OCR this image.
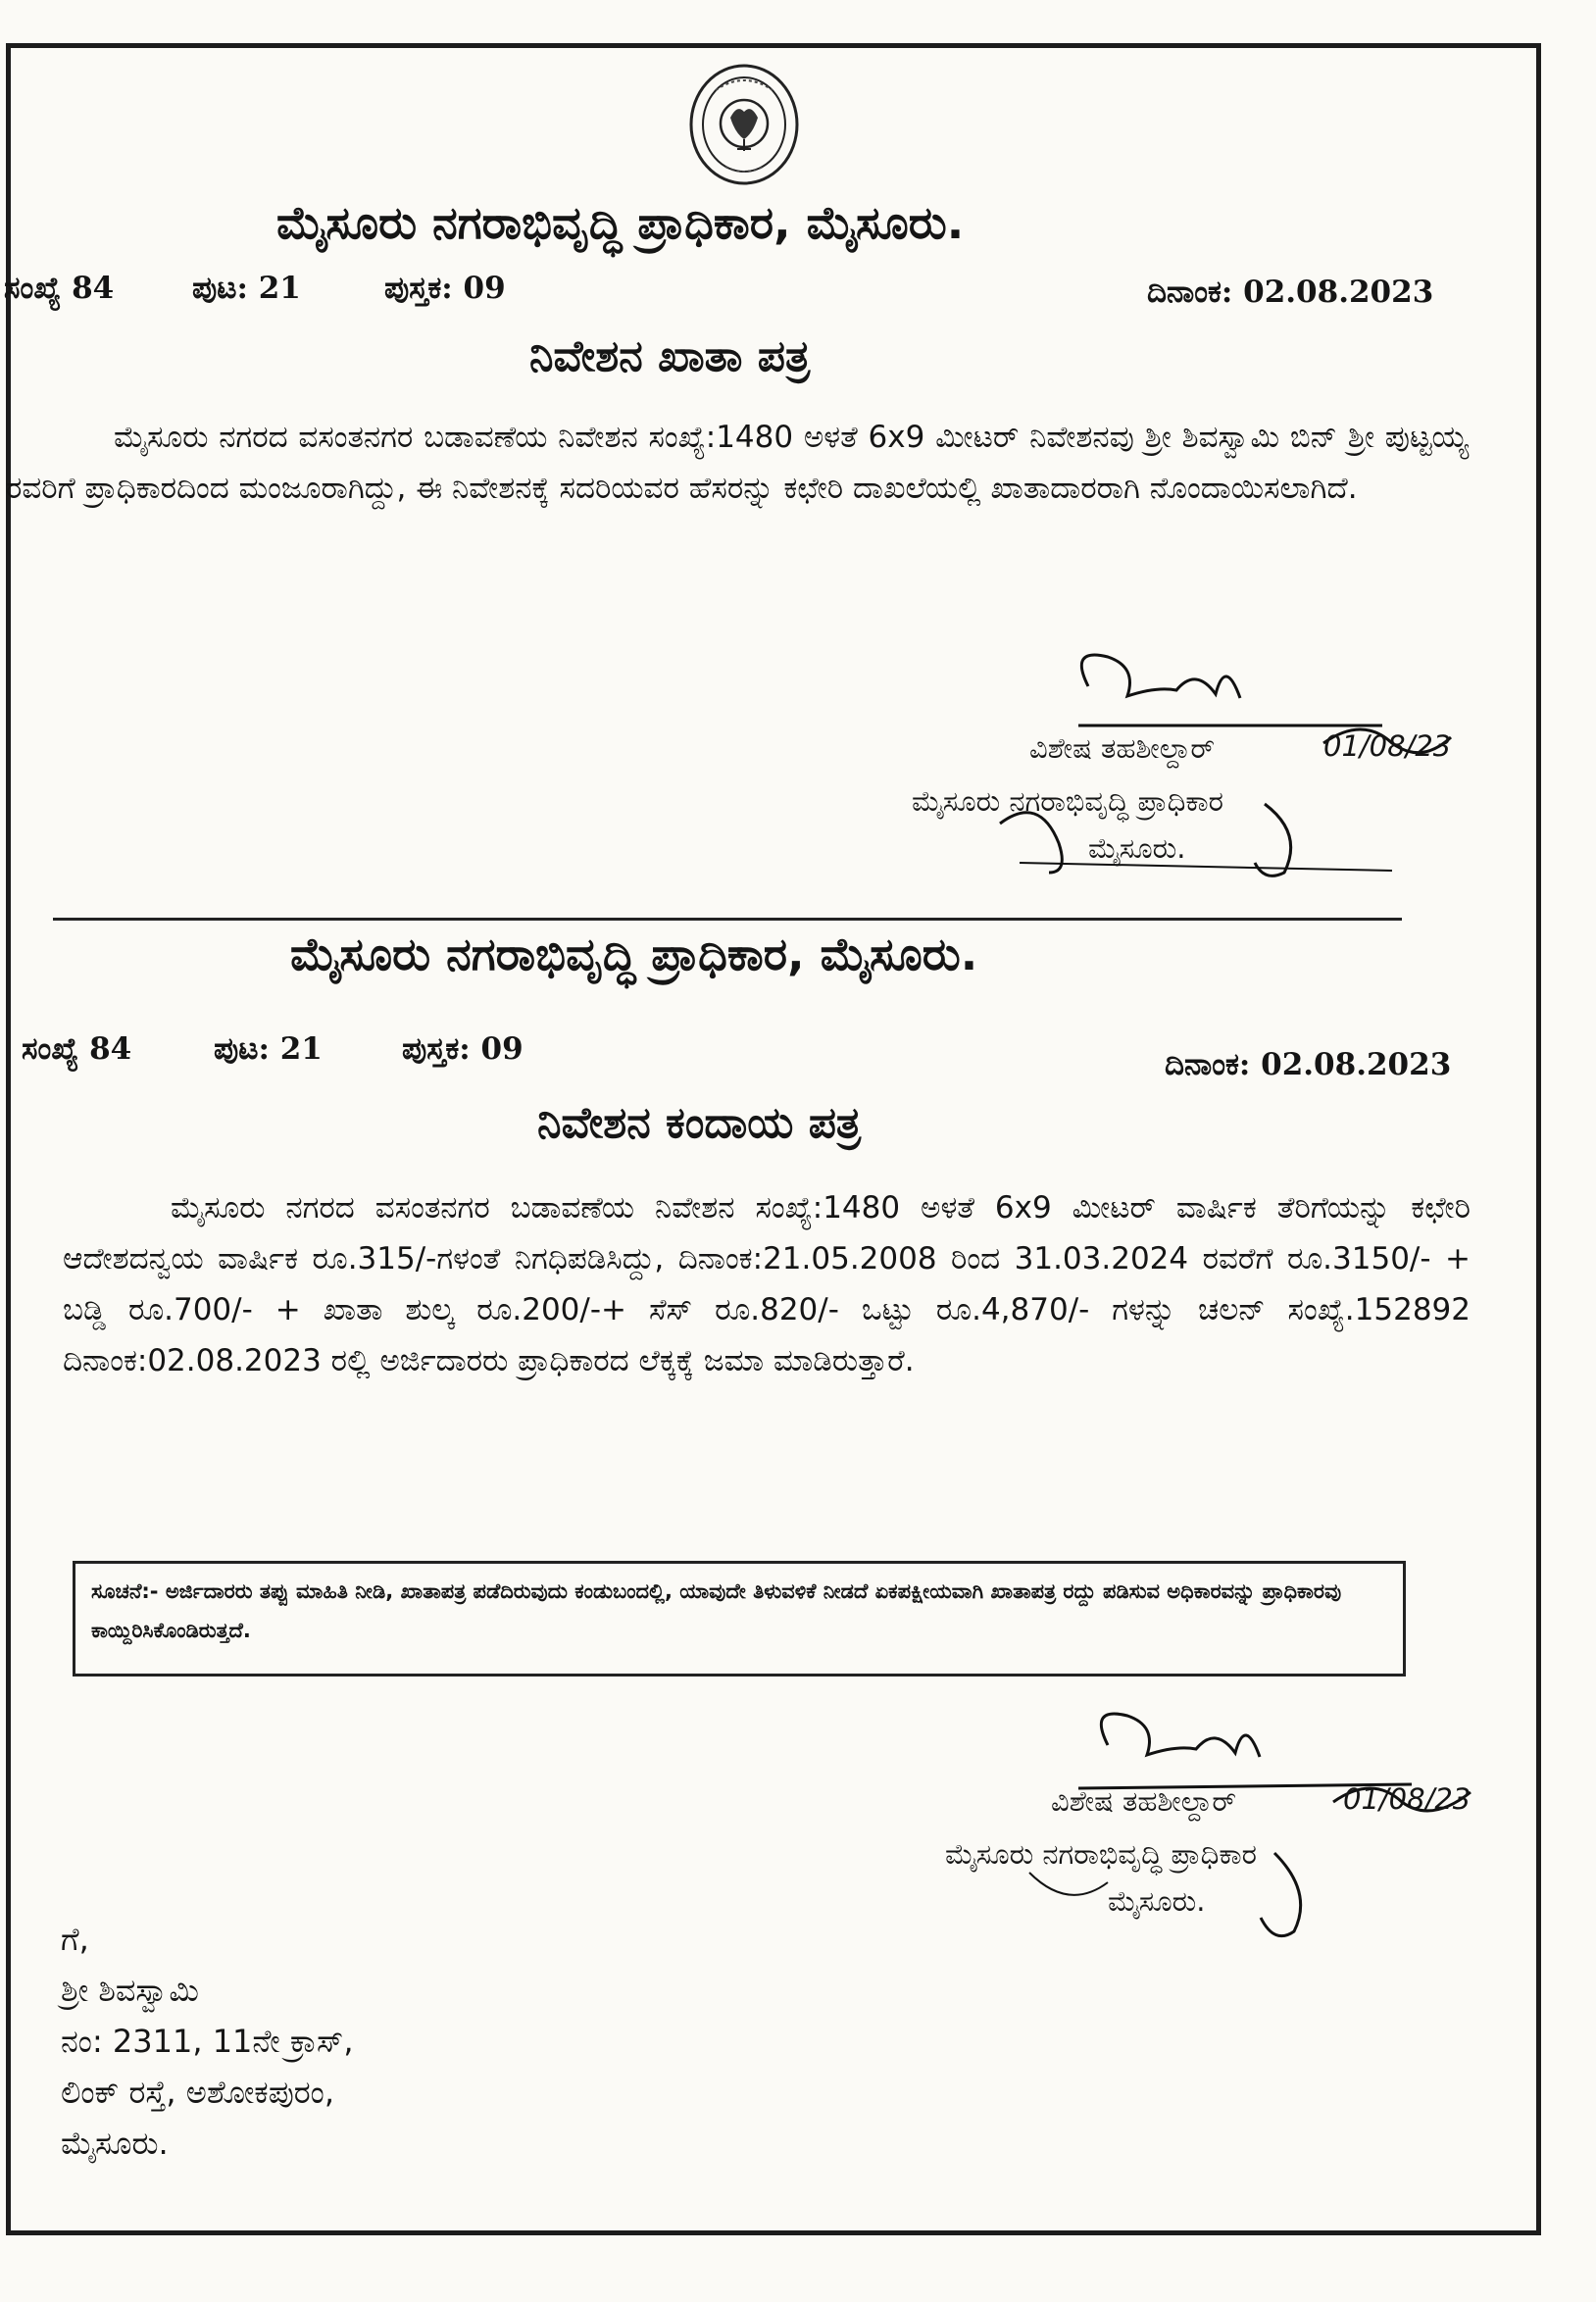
ಮೈಸೂರು ನಗರಾಭಿವೃದ್ಧಿ ಪ್ರಾಧಿಕಾರ, ಮೈಸೂರು.
ಸಂಖ್ಯೆ 84	ಪುಟ: 21	ಪುಸ್ತಕ: 09	ದಿನಾಂಕ: 02.08.2023
ನಿವೇಶನ ಖಾತಾ ಪತ್ರ
ಮೈಸೂರು ನಗರದ ವಸಂತನಗರ ಬಡಾವಣೆಯ ನಿವೇಶನ ಸಂಖ್ಯೆ:1480 ಅಳತೆ 6x9 ಮೀಟರ್ ನಿವೇಶನವು ಶ್ರೀ ಶಿವಸ್ವಾಮಿ ಬಿನ್ ಶ್ರೀ ಪುಟ್ಟಯ್ಯ ರವರಿಗೆ ಪ್ರಾಧಿಕಾರದಿಂದ ಮಂಜೂರಾಗಿದ್ದು, ಈ ನಿವೇಶನಕ್ಕೆ ಸದರಿಯವರ ಹೆಸರನ್ನು ಕಛೇರಿ ದಾಖಲೆಯಲ್ಲಿ ಖಾತಾದಾರರಾಗಿ ನೊಂದಾಯಿಸಲಾಗಿದೆ.
ವಿಶೇಷ ತಹಶೀಲ್ದಾರ್	01/08/23
ಮೈಸೂರು ನಗರಾಭಿವೃದ್ಧಿ ಪ್ರಾಧಿಕಾರ
ಮೈಸೂರು.
ಮೈಸೂರು ನಗರಾಭಿವೃದ್ಧಿ ಪ್ರಾಧಿಕಾರ, ಮೈಸೂರು.
ಸಂಖ್ಯೆ 84	ಪುಟ: 21	ಪುಸ್ತಕ: 09	ದಿನಾಂಕ: 02.08.2023
ನಿವೇಶನ ಕಂದಾಯ ಪತ್ರ
ಮೈಸೂರು ನಗರದ ವಸಂತನಗರ ಬಡಾವಣೆಯ ನಿವೇಶನ ಸಂಖ್ಯೆ:1480 ಅಳತೆ 6x9 ಮೀಟರ್ ವಾರ್ಷಿಕ ತೆರಿಗೆಯನ್ನು ಕಛೇರಿ ಆದೇಶದನ್ವಯ ವಾರ್ಷಿಕ ರೂ.315/-ಗಳಂತೆ ನಿಗಧಿಪಡಿಸಿದ್ದು, ದಿನಾಂಕ:21.05.2008 ರಿಂದ 31.03.2024 ರವರೆಗೆ ರೂ.3150/- + ಬಡ್ಡಿ ರೂ.700/- + ಖಾತಾ ಶುಲ್ಕ ರೂ.200/-+ ಸೆಸ್ ರೂ.820/- ಒಟ್ಟು ರೂ.4,870/- ಗಳನ್ನು ಚಲನ್ ಸಂಖ್ಯೆ.152892 ದಿನಾಂಕ:02.08.2023 ರಲ್ಲಿ ಅರ್ಜಿದಾರರು ಪ್ರಾಧಿಕಾರದ ಲೆಕ್ಕಕ್ಕೆ ಜಮಾ ಮಾಡಿರುತ್ತಾರೆ.
ಸೂಚನೆ:- ಅರ್ಜಿದಾರರು ತಪ್ಪು ಮಾಹಿತಿ ನೀಡಿ, ಖಾತಾಪತ್ರ ಪಡೆದಿರುವುದು ಕಂಡುಬಂದಲ್ಲಿ, ಯಾವುದೇ ತಿಳುವಳಿಕೆ ನೀಡದೆ ಏಕಪಕ್ಷೀಯವಾಗಿ ಖಾತಾಪತ್ರ ರದ್ದು ಪಡಿಸುವ ಅಧಿಕಾರವನ್ನು ಪ್ರಾಧಿಕಾರವು ಕಾಯ್ದಿರಿಸಿಕೊಂಡಿರುತ್ತದೆ.
ವಿಶೇಷ ತಹಶೀಲ್ದಾರ್	01/08/23
ಮೈಸೂರು ನಗರಾಭಿವೃದ್ಧಿ ಪ್ರಾಧಿಕಾರ
ಮೈಸೂರು.
ಗೆ,
ಶ್ರೀ ಶಿವಸ್ವಾಮಿ
ನಂ: 2311, 11ನೇ ಕ್ರಾಸ್,
ಲಿಂಕ್ ರಸ್ತೆ, ಅಶೋಕಪುರಂ,
ಮೈಸೂರು.
